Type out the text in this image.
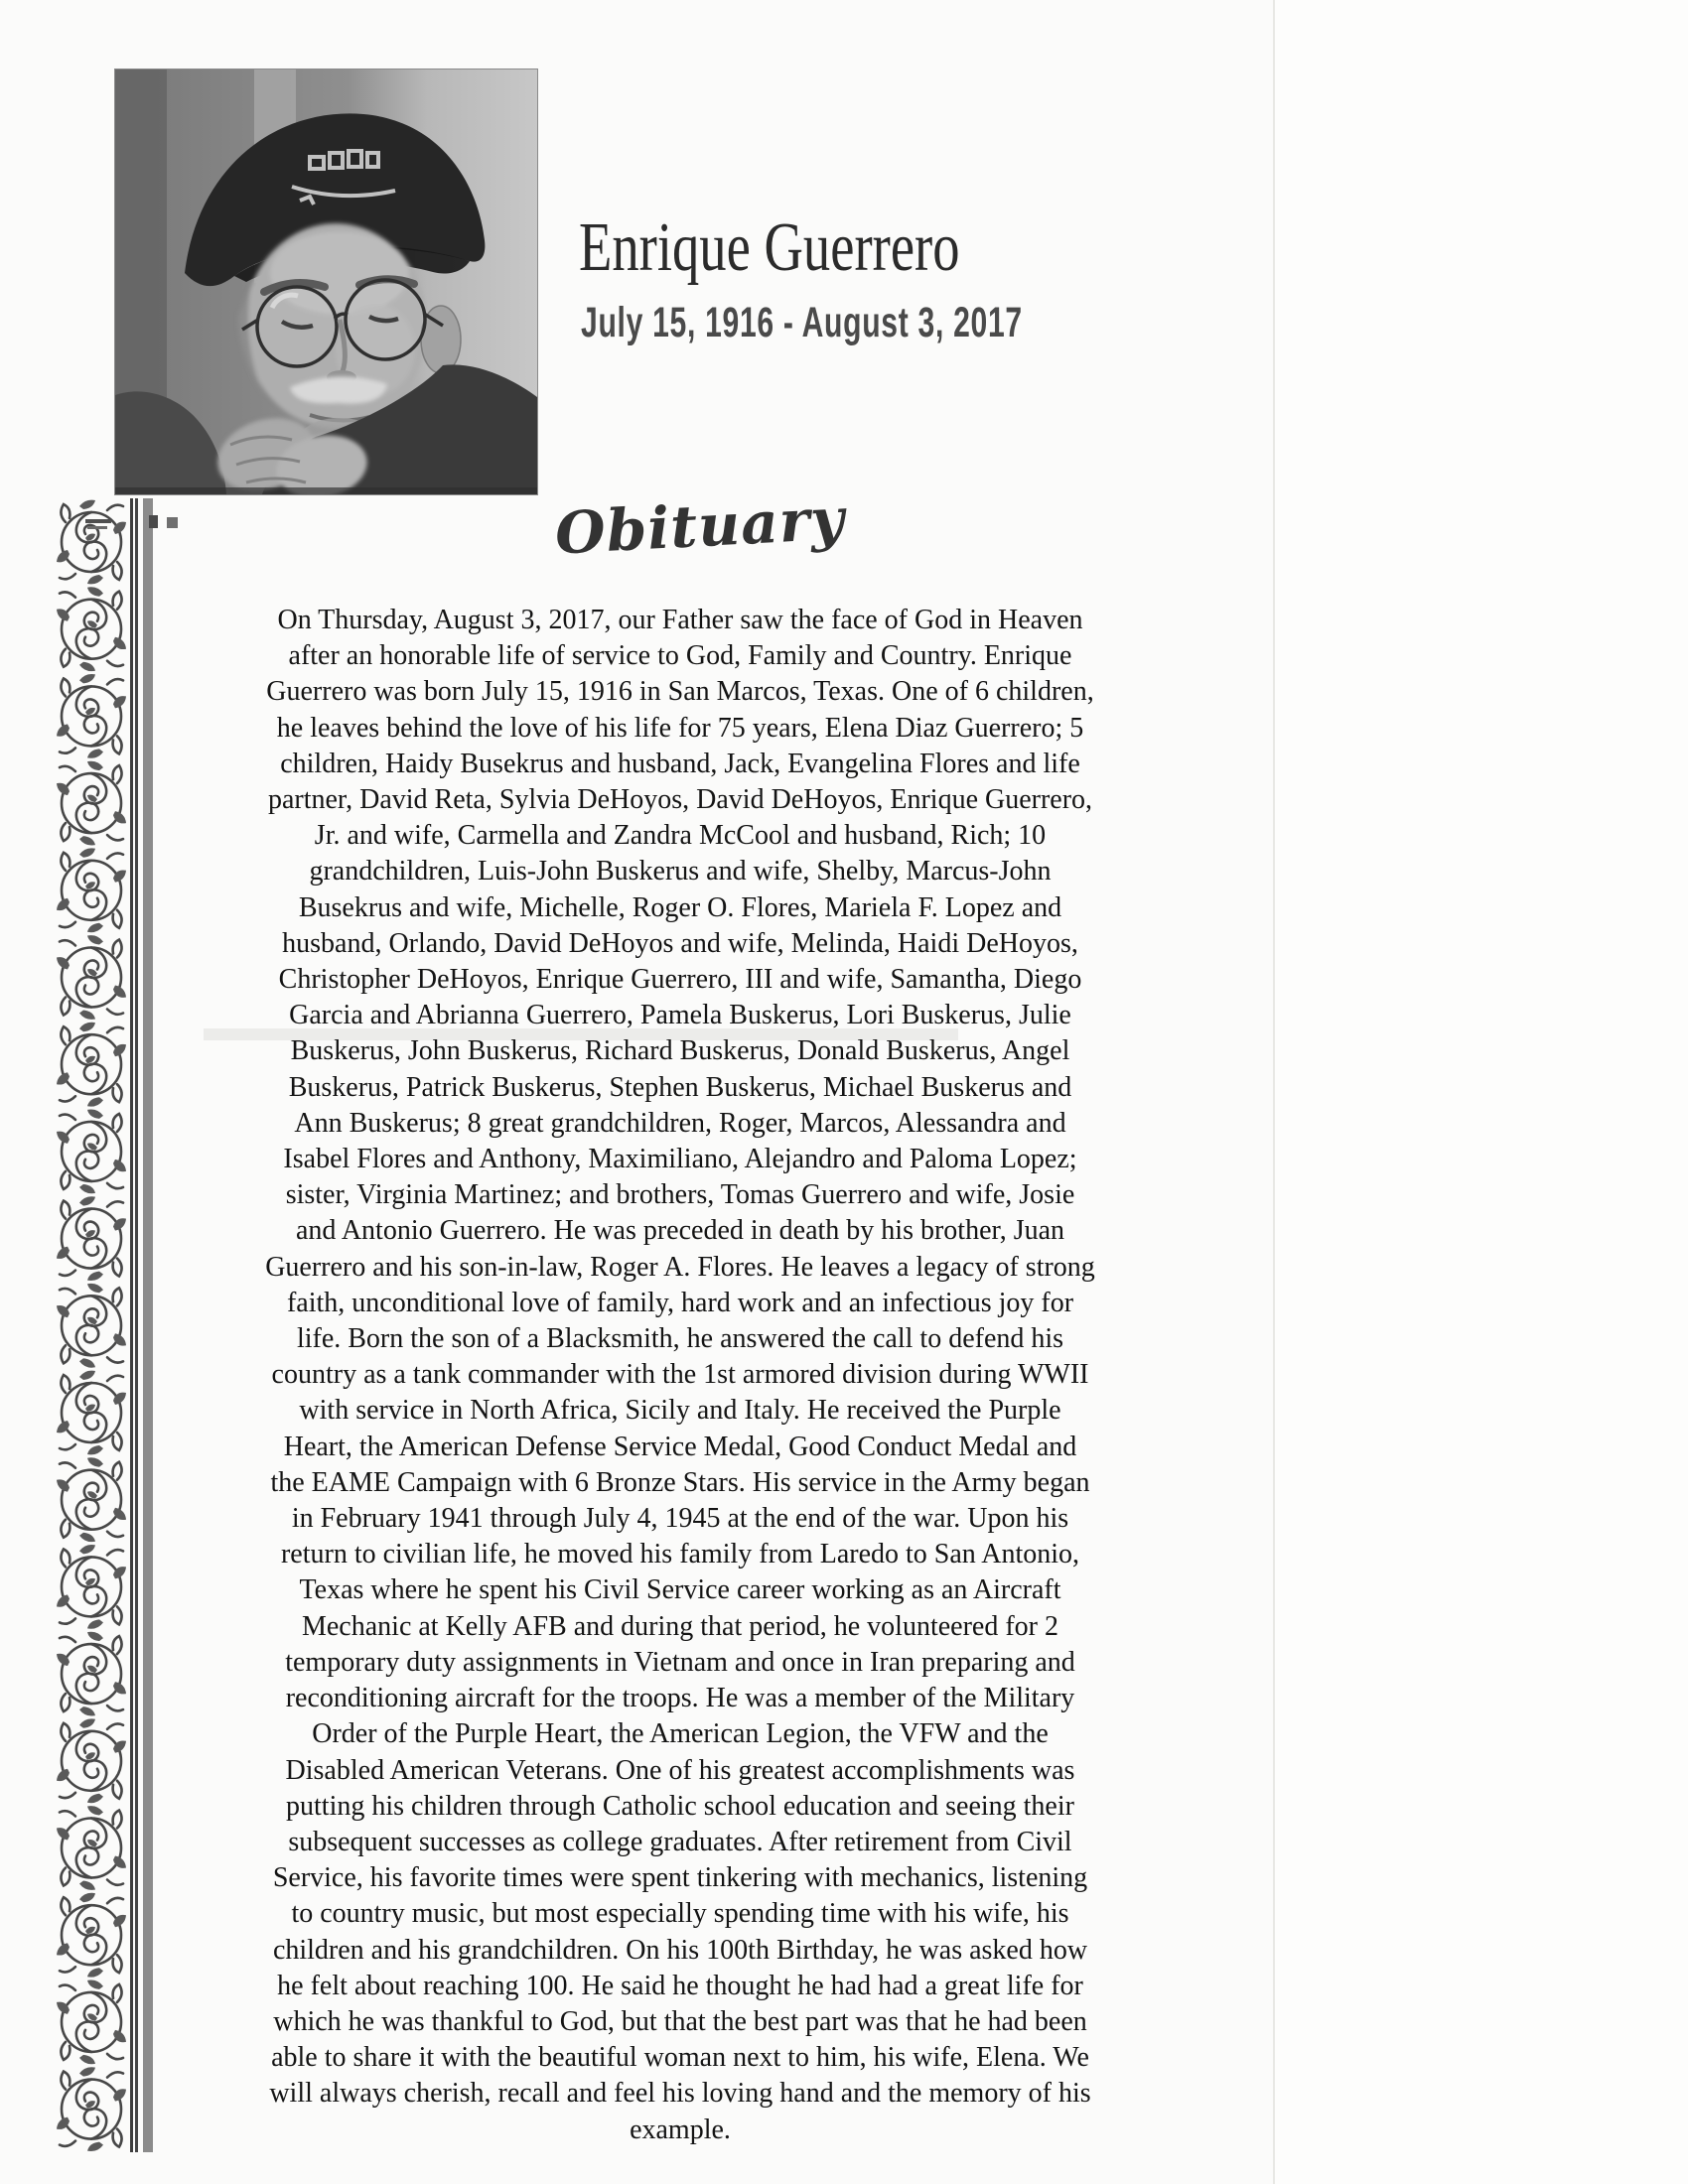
Enrique Guerrero
July 15, 1916 - August 3, 2017
Obituary
On Thursday, August 3, 2017, our Father saw the face of God in Heaven
after an honorable life of service to God, Family and Country. Enrique
Guerrero was born July 15, 1916 in San Marcos, Texas. One of 6 children,
he leaves behind the love of his life for 75 years, Elena Diaz Guerrero; 5
children, Haidy Busekrus and husband, Jack, Evangelina Flores and life
partner, David Reta, Sylvia DeHoyos, David DeHoyos, Enrique Guerrero,
Jr. and wife, Carmella and Zandra McCool and husband, Rich; 10
grandchildren, Luis-John Buskerus and wife, Shelby, Marcus-John
Busekrus and wife, Michelle, Roger O. Flores, Mariela F. Lopez and
husband, Orlando, David DeHoyos and wife, Melinda, Haidi DeHoyos,
Christopher DeHoyos, Enrique Guerrero, III and wife, Samantha, Diego
Garcia and Abrianna Guerrero, Pamela Buskerus, Lori Buskerus, Julie
Buskerus, John Buskerus, Richard Buskerus, Donald Buskerus, Angel
Buskerus, Patrick Buskerus, Stephen Buskerus, Michael Buskerus and
Ann Buskerus; 8 great grandchildren, Roger, Marcos, Alessandra and
Isabel Flores and Anthony, Maximiliano, Alejandro and Paloma Lopez;
sister, Virginia Martinez; and brothers, Tomas Guerrero and wife, Josie
and Antonio Guerrero. He was preceded in death by his brother, Juan
Guerrero and his son-in-law, Roger A. Flores. He leaves a legacy of strong
faith, unconditional love of family, hard work and an infectious joy for
life. Born the son of a Blacksmith, he answered the call to defend his
country as a tank commander with the 1st armored division during WWII
with service in North Africa, Sicily and Italy. He received the Purple
Heart, the American Defense Service Medal, Good Conduct Medal and
the EAME Campaign with 6 Bronze Stars. His service in the Army began
in February 1941 through July 4, 1945 at the end of the war. Upon his
return to civilian life, he moved his family from Laredo to San Antonio,
Texas where he spent his Civil Service career working as an Aircraft
Mechanic at Kelly AFB and during that period, he volunteered for 2
temporary duty assignments in Vietnam and once in Iran preparing and
reconditioning aircraft for the troops. He was a member of the Military
Order of the Purple Heart, the American Legion, the VFW and the
Disabled American Veterans. One of his greatest accomplishments was
putting his children through Catholic school education and seeing their
subsequent successes as college graduates. After retirement from Civil
Service, his favorite times were spent tinkering with mechanics, listening
to country music, but most especially spending time with his wife, his
children and his grandchildren. On his 100th Birthday, he was asked how
he felt about reaching 100. He said he thought he had had a great life for
which he was thankful to God, but that the best part was that he had been
able to share it with the beautiful woman next to him, his wife, Elena. We
will always cherish, recall and feel his loving hand and the memory of his
example.
